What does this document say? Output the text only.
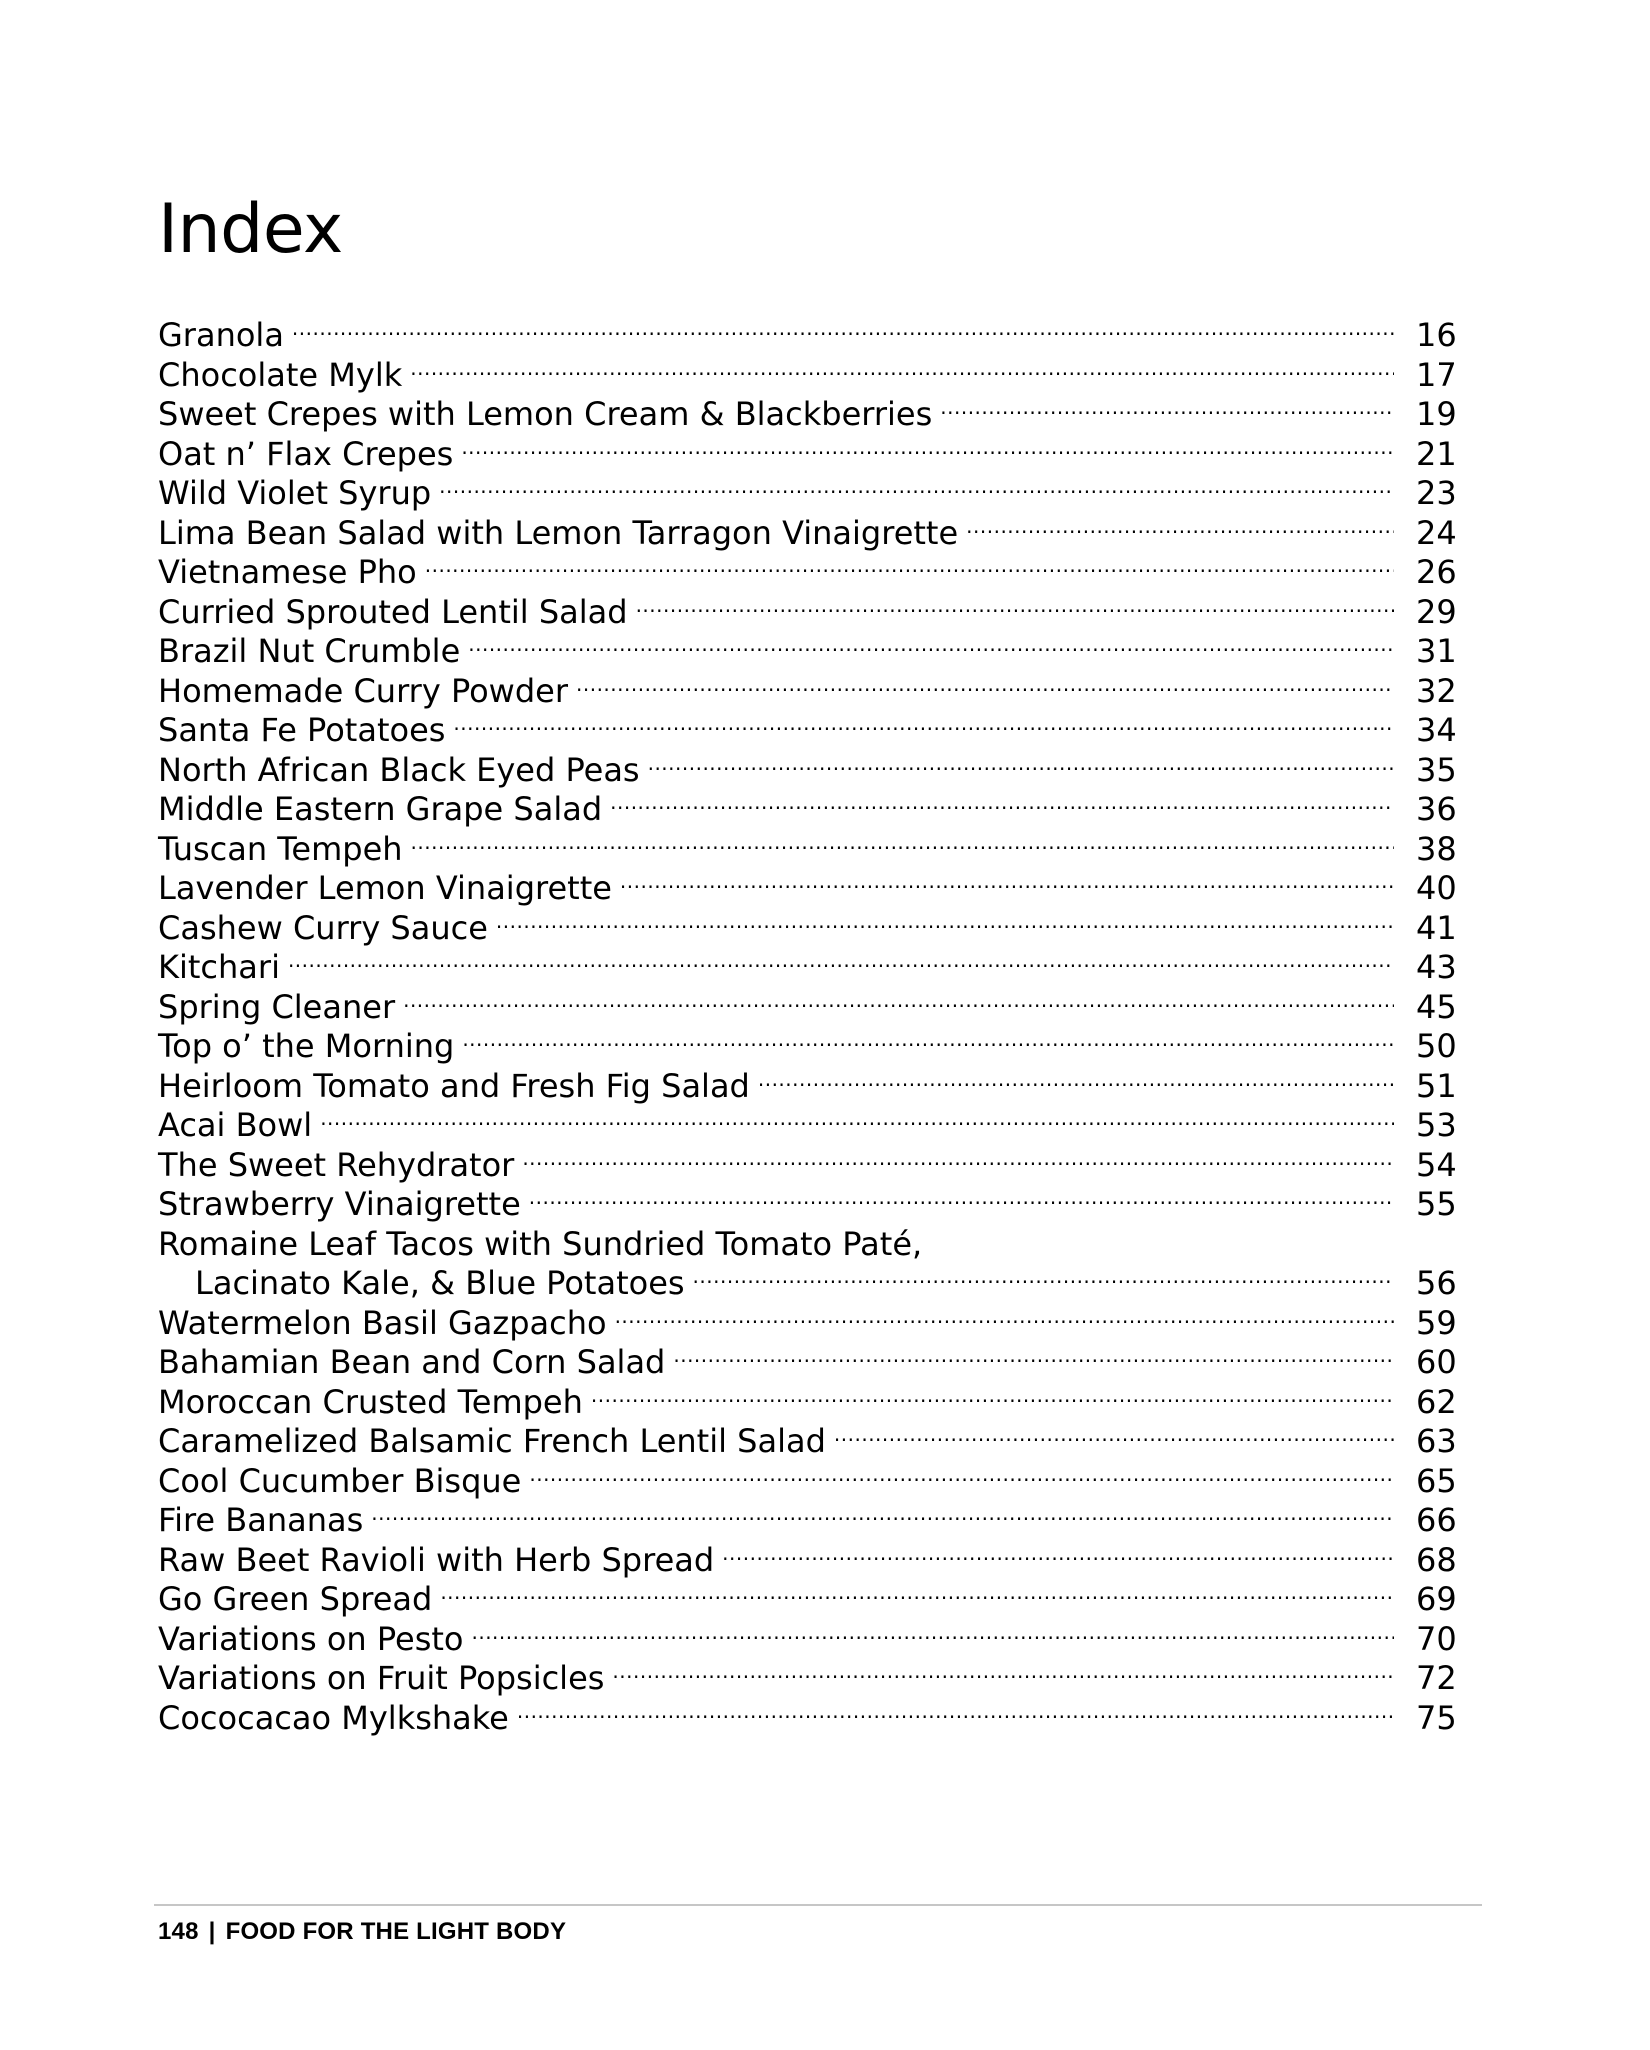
Index
Granola ·····	16
Chocolate Mylk ·····	17
Sweet Crepes with Lemon Cream & Blackberries ·····	19
Oat n’ Flax Crepes ·····	21
Wild Violet Syrup ·····	23
Lima Bean Salad with Lemon Tarragon Vinaigrette ·····	24
Vietnamese Pho ·····	26
Curried Sprouted Lentil Salad ·····	29
Brazil Nut Crumble ·····	31
Homemade Curry Powder ·····	32
Santa Fe Potatoes ·····	34
North African Black Eyed Peas ·····	35
Middle Eastern Grape Salad ·····	36
Tuscan Tempeh ·····	38
Lavender Lemon Vinaigrette ·····	40
Cashew Curry Sauce ·····	41
Kitchari ·····	43
Spring Cleaner ·····	45
Top o’ the Morning ·····	50
Heirloom Tomato and Fresh Fig Salad ·····	51
Acai Bowl ·····	53
The Sweet Rehydrator ·····	54
Strawberry Vinaigrette ·····	55
Romaine Leaf Tacos with Sundried Tomato Paté,
Lacinato Kale, & Blue Potatoes ·····	56
Watermelon Basil Gazpacho ·····	59
Bahamian Bean and Corn Salad ·····	60
Moroccan Crusted Tempeh ·····	62
Caramelized Balsamic French Lentil Salad ·····	63
Cool Cucumber Bisque ·····	65
Fire Bananas ·····	66
Raw Beet Ravioli with Herb Spread ·····	68
Go Green Spread ·····	69
Variations on Pesto ·····	70
Variations on Fruit Popsicles ·····	72
Cococacao Mylkshake ·····	75
148 | FOOD FOR THE LIGHT BODY
